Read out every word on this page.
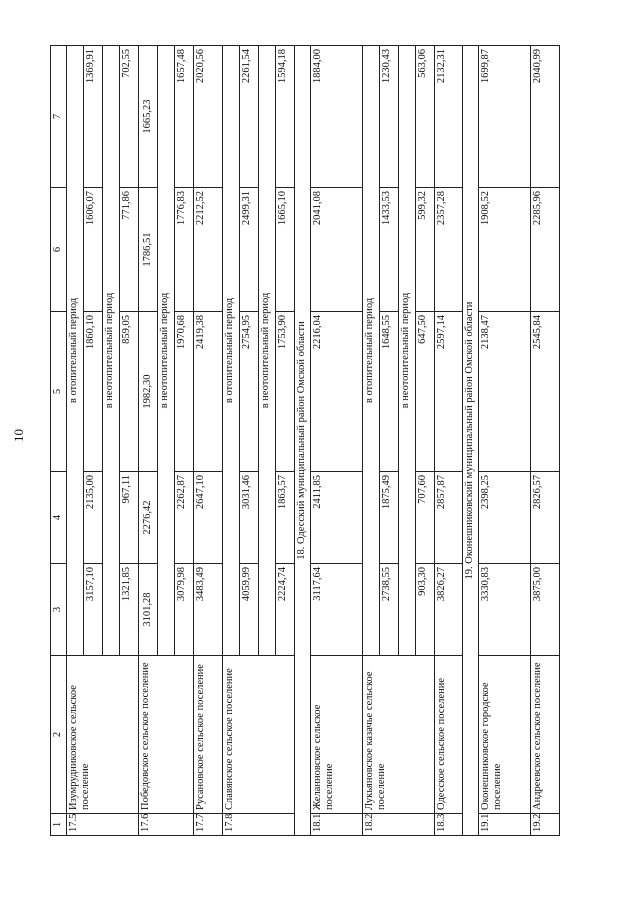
10
1	2	3	4	5	6	7
17.5	Изумрудниковское сельское поселение	в отопительный период				
		3157,10	2135,00	1860,10	1606,07	1369,91
		в неотопительный период				
		1321,85	967,11	859,05	771,86	702,55
17.6	Победовское сельское поселение	3101,28	2276,42	1982,30	1786,51	1665,23
		в неотопительный период				
		3079,98	2262,87	1970,68	1776,83	1657,48
17.7	Русановское сельское поселение	3483,49	2647,10	2419,38	2212,52	2020,56
17.8	Славянское сельское поселение	в отопительный период				
		4059,99	3031,46	2754,95	2499,31	2261,54
		в неотопительный период				
		2224,74	1863,57	1753,90	1665,10	1594,18
18. Одесский муниципальный район Омской области						
18.1	Желанновское сельское поселение	3117,64	2411,85	2216,04	2041,08	1884,00
18.2	Лукьяновское казачье сельское поселение	в отопительный период				
		2738,55	1875,49	1648,55	1433,53	1230,43
		в неотопительный период				
		903,30	707,60	647,50	599,32	563,06
18.3	Одесское сельское поселение	3826,27	2857,87	2597,14	2357,28	2132,31
19. Оконешниковский муниципальный район Омской области						
19.1	Оконешниковское городское поселение	3330,83	2398,25	2138,47	1908,52	1699,87
19.2	Андреевское сельское поселение	3875,00	2826,57	2545,84	2285,96	2040,99
